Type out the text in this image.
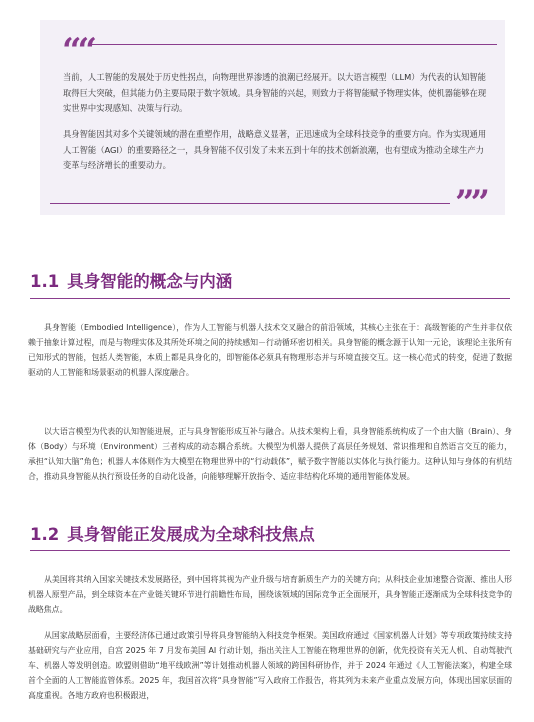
““
””

当前，人工智能的发展处于历史性拐点，向物理世界渗透的浪潮已经展开。以大语言模型（LLM）为代表的认知智能取得巨大突破，但其能力仍主要局限于数字领域。具身智能的兴起，则致力于将智能赋予物理实体，使机器能够在现实世界中实现感知、决策与行动。

具身智能因其对多个关键领域的潜在重塑作用，战略意义显著，正迅速成为全球科技竞争的重要方向。作为实现通用人工智能（AGI）的重要路径之一，具身智能不仅引发了未来五到十年的技术创新浪潮，也有望成为推动全球生产力变革与经济增长的重要动力。

1.1 具身智能的概念与内涵

具身智能（Embodied Intelligence），作为人工智能与机器人技术交叉融合的前沿领域，其核心主张在于：高级智能的产生并非仅依赖于抽象计算过程，而是与物理实体及其所处环境之间的持续感知－行动循环密切相关。具身智能的概念源于认知一元论，该理论主张所有已知形式的智能，包括人类智能，本质上都是具身化的，即智能体必须具有物理形态并与环境直接交互。这一核心范式的转变，促进了数据驱动的人工智能和场景驱动的机器人深度融合。

以大语言模型为代表的认知智能进展，正与具身智能形成互补与融合。从技术架构上看，具身智能系统构成了一个由大脑（Brain）、身体（Body）与环境（Environment）三者构成的动态耦合系统。大模型为机器人提供了高层任务规划、常识推理和自然语言交互的能力，承担“认知大脑”角色；机器人本体则作为大模型在物理世界中的“行动载体”，赋予数字智能以实体化与执行能力。这种认知与身体的有机结合，推动具身智能从执行预设任务的自动化设备，向能够理解开放指令、适应非结构化环境的通用智能体发展。

1.2 具身智能正发展成为全球科技焦点

从美国将其纳入国家关键技术发展路径，到中国将其视为产业升级与培育新质生产力的关键方向；从科技企业加速整合资源、推出人形机器人原型产品，到全球资本在产业链关键环节进行前瞻性布局，围绕该领域的国际竞争正全面展开，具身智能正逐渐成为全球科技竞争的战略焦点。

从国家战略层面看，主要经济体已通过政策引导将具身智能纳入科技竞争框架。美国政府通过《国家机器人计划》等专项政策持续支持基础研究与产业应用，自宫 2025 年 7 月发布美国 AI 行动计划，指出关注人工智能在物理世界的创新，优先投资有关无人机、自动驾驶汽车、机器人等发明创造。欧盟则借助“地平线欧洲”等计划推动机器人领域的跨国科研协作，并于 2024 年通过《人工智能法案》，构建全球首个全面的人工智能监管体系。2025 年，我国首次将“具身智能”写入政府工作报告，将其列为未来产业重点发展方向，体现出国家层面的高度重视。各地方政府也积极跟进，
